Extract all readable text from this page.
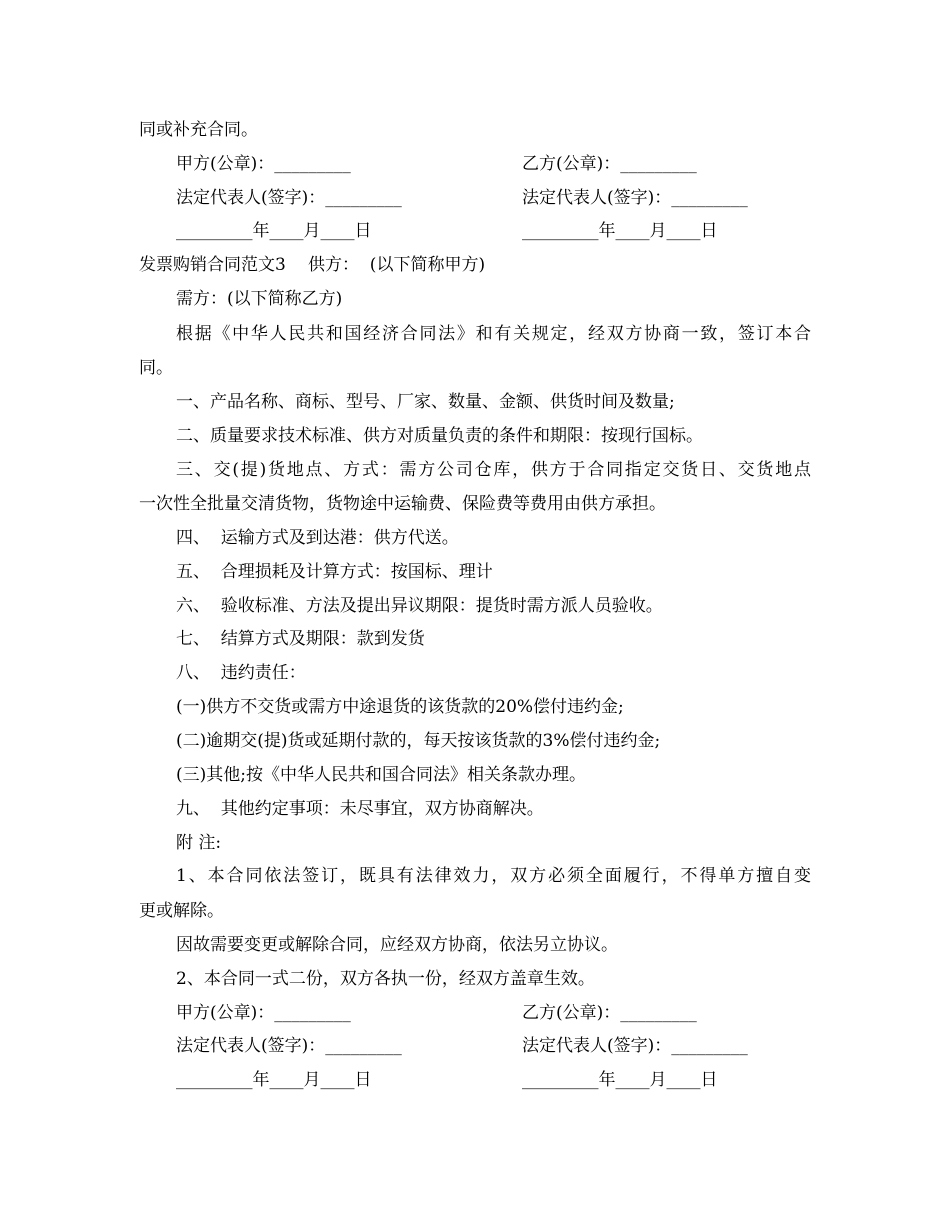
同或补充合同。
甲方(公章)：_________	乙方(公章)：_________
法定代表人(签字)：_________	法定代表人(签字)：_________
_________年____月____日	_________年____月____日
发票购销合同范文3 供方：  (以下简称甲方)
需方：(以下简称乙方)
根据《中华人民共和国经济合同法》和有关规定，经双方协商一致，签订本合
同。
一、产品名称、商标、型号、厂家、数量、金额、供货时间及数量;
二、质量要求技术标准、供方对质量负责的条件和期限：按现行国标。
三、交(提)货地点、方式：需方公司仓库，供方于合同指定交货日、交货地点
一次性全批量交清货物，货物途中运输费、保险费等费用由供方承担。
四、  运输方式及到达港：供方代送。
五、  合理损耗及计算方式：按国标、理计
六、  验收标准、方法及提出异议期限：提货时需方派人员验收。
七、  结算方式及期限：款到发货
八、  违约责任：
(一)供方不交货或需方中途退货的该货款的20%偿付违约金;
(二)逾期交(提)货或延期付款的，每天按该货款的3%偿付违约金;
(三)其他;按《中华人民共和国合同法》相关条款办理。
九、  其他约定事项：未尽事宜，双方协商解决。
附 注:
1、本合同依法签订，既具有法律效力，双方必须全面履行，不得单方擅自变
更或解除。
因故需要变更或解除合同，应经双方协商，依法另立协议。
2、本合同一式二份，双方各执一份，经双方盖章生效。
甲方(公章)：_________	乙方(公章)：_________
法定代表人(签字)：_________	法定代表人(签字)：_________
_________年____月____日	_________年____月____日
